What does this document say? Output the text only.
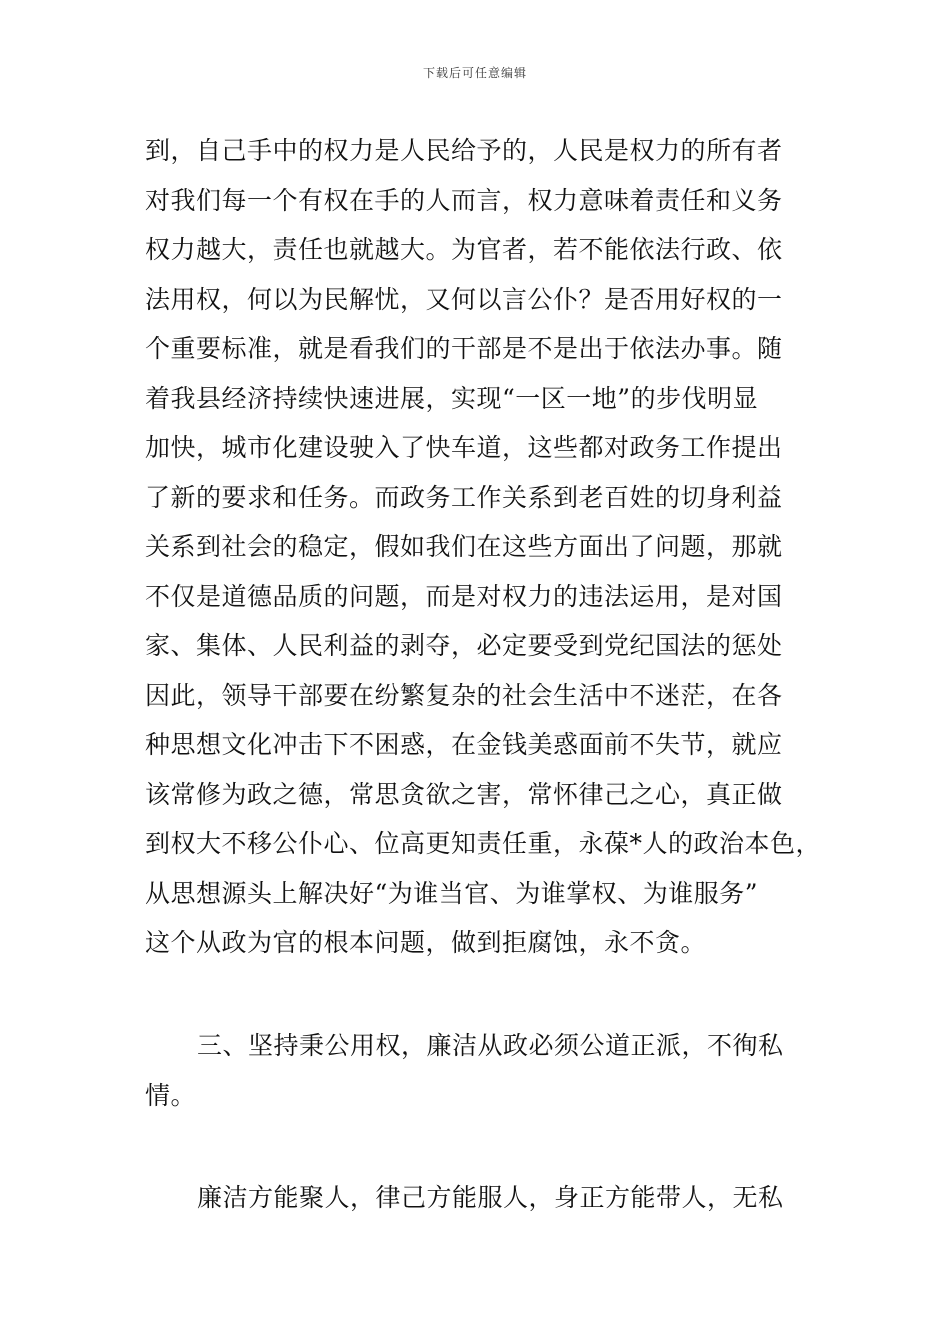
下载后可任意编辑
到，自己手中的权力是人民给予的，人民是权力的所有者
对我们每一个有权在手的人而言，权力意味着责任和义务
权力越大，责任也就越大。为官者，若不能依法行政、依
法用权，何以为民解忧，又何以言公仆？是否用好权的一
个重要标准，就是看我们的干部是不是出于依法办事。随
着我县经济持续快速进展，实现“一区一地”的步伐明显
加快，城市化建设驶入了快车道，这些都对政务工作提出
了新的要求和任务。而政务工作关系到老百姓的切身利益
关系到社会的稳定，假如我们在这些方面出了问题，那就
不仅是道德品质的问题，而是对权力的违法运用，是对国
家、集体、人民利益的剥夺，必定要受到党纪国法的惩处
因此，领导干部要在纷繁复杂的社会生活中不迷茫，在各
种思想文化冲击下不困惑，在金钱美惑面前不失节，就应
该常修为政之德，常思贪欲之害，常怀律己之心，真正做
到权大不移公仆心、位高更知责任重，永葆*人的政治本色，
从思想源头上解决好“为谁当官、为谁掌权、为谁服务”
这个从政为官的根本问题，做到拒腐蚀，永不贪。
三、坚持秉公用权，廉洁从政必须公道正派，不徇私
情。
廉洁方能聚人，律己方能服人，身正方能带人，无私
